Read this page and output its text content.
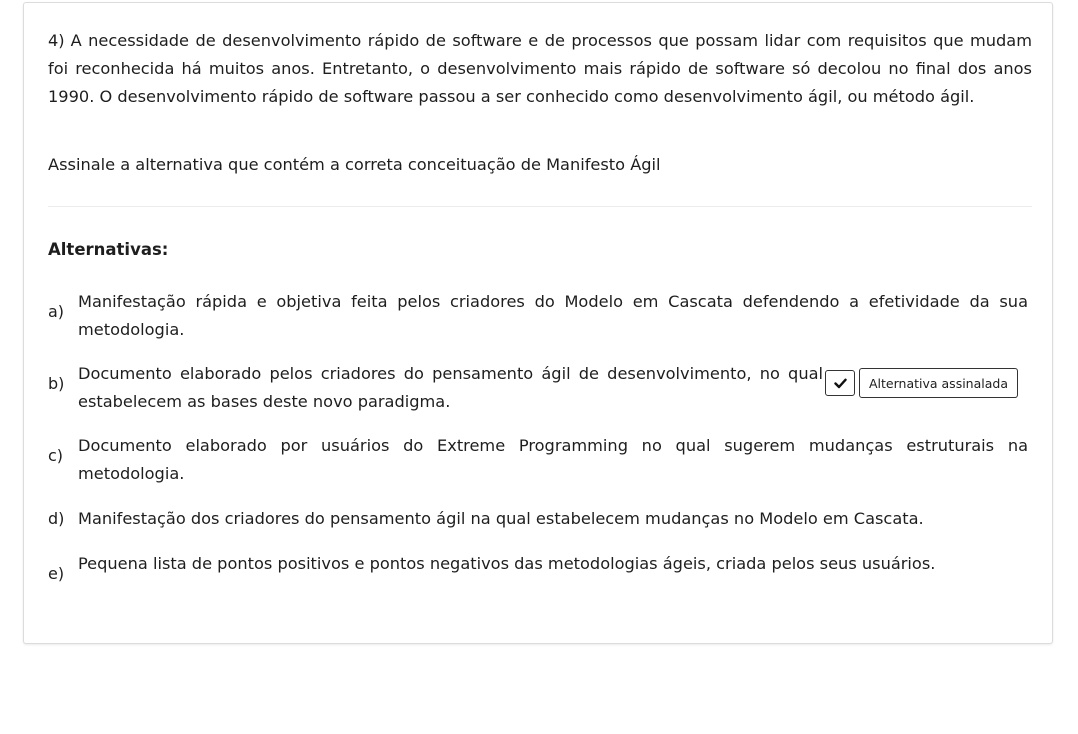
4) A necessidade de desenvolvimento rápido de software e de processos que possam lidar com requisitos que mudam foi reconhecida há muitos anos. Entretanto, o desenvolvimento mais rápido de software só decolou no final dos anos 1990. O desenvolvimento rápido de software passou a ser conhecido como desenvolvimento ágil, ou método ágil.

Assinale a alternativa que contém a correta conceituação de Manifesto Ágil

Alternativas:

a)

Manifestação rápida e objetiva feita pelos criadores do Modelo em Cascata defendendo a efetividade da sua metodologia.

b)

Documento elaborado pelos criadores do pensamento ágil de desenvolvimento, no qual estabelecem as bases deste novo paradigma.

Alternativa assinalada
c)

Documento elaborado por usuários do Extreme Programming no qual sugerem mudanças estruturais na metodologia.

d) Manifestação dos criadores do pensamento ágil na qual estabelecem mudanças no Modelo em Cascata.

e)

Pequena lista de pontos positivos e pontos negativos das metodologias ágeis, criada pelos seus usuários.
